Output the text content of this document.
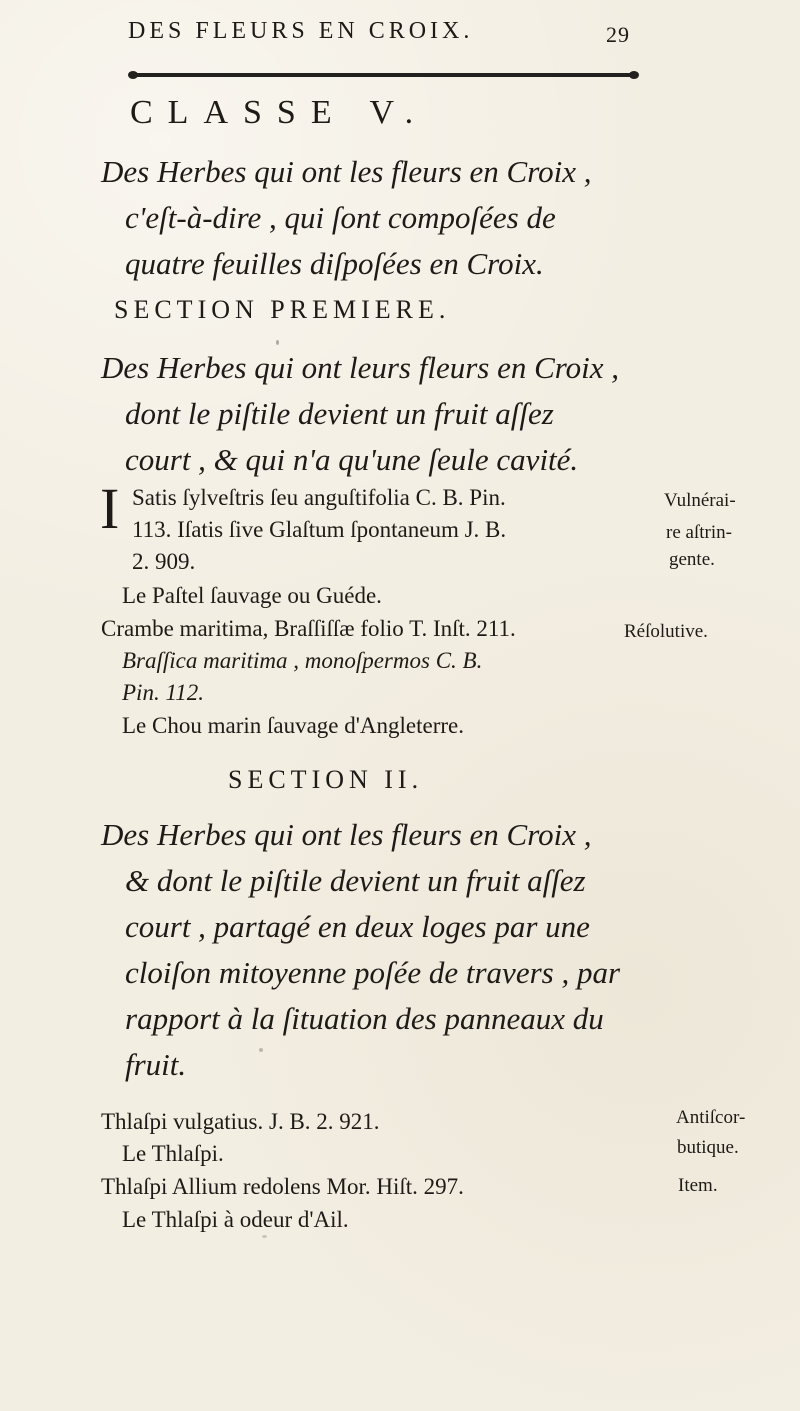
DES FLEURS EN CROIX.	29
CLASSE V.
Des Herbes qui ont les fleurs en Croix ,
c'eſt-à-dire , qui ſont compoſées de
quatre feuilles diſpoſées en Croix.
SECTION PREMIERE.
Des Herbes qui ont leurs fleurs en Croix ,
dont le piſtile devient un fruit aſſez
court , & qui n'a qu'une ſeule cavité.
I Satis ſylveſtris ſeu anguſtifolia C. B. Pin.
113. Iſatis ſive Glaſtum ſpontaneum J. B.
2. 909.
Vulnérai-
re aſtrin-
gente.
Le Paſtel ſauvage ou Guéde.
Crambe maritima, Braſſiſſæ folio T. Inſt. 211.
Braſſica maritima , monoſpermos C. B.
Pin. 112.
Réſolutive.
Le Chou marin ſauvage d'Angleterre.
SECTION II.
Des Herbes qui ont les fleurs en Croix ,
& dont le piſtile devient un fruit aſſez
court , partagé en deux loges par une
cloiſon mitoyenne poſée de travers , par
rapport à la ſituation des panneaux du
fruit.
Thlaſpi vulgatius. J. B. 2. 921.	Antiſcor-
butique.
Le Thlaſpi.
Thlaſpi Allium redolens Mor. Hiſt. 297.	Item.
Le Thlaſpi à odeur d'Ail.
